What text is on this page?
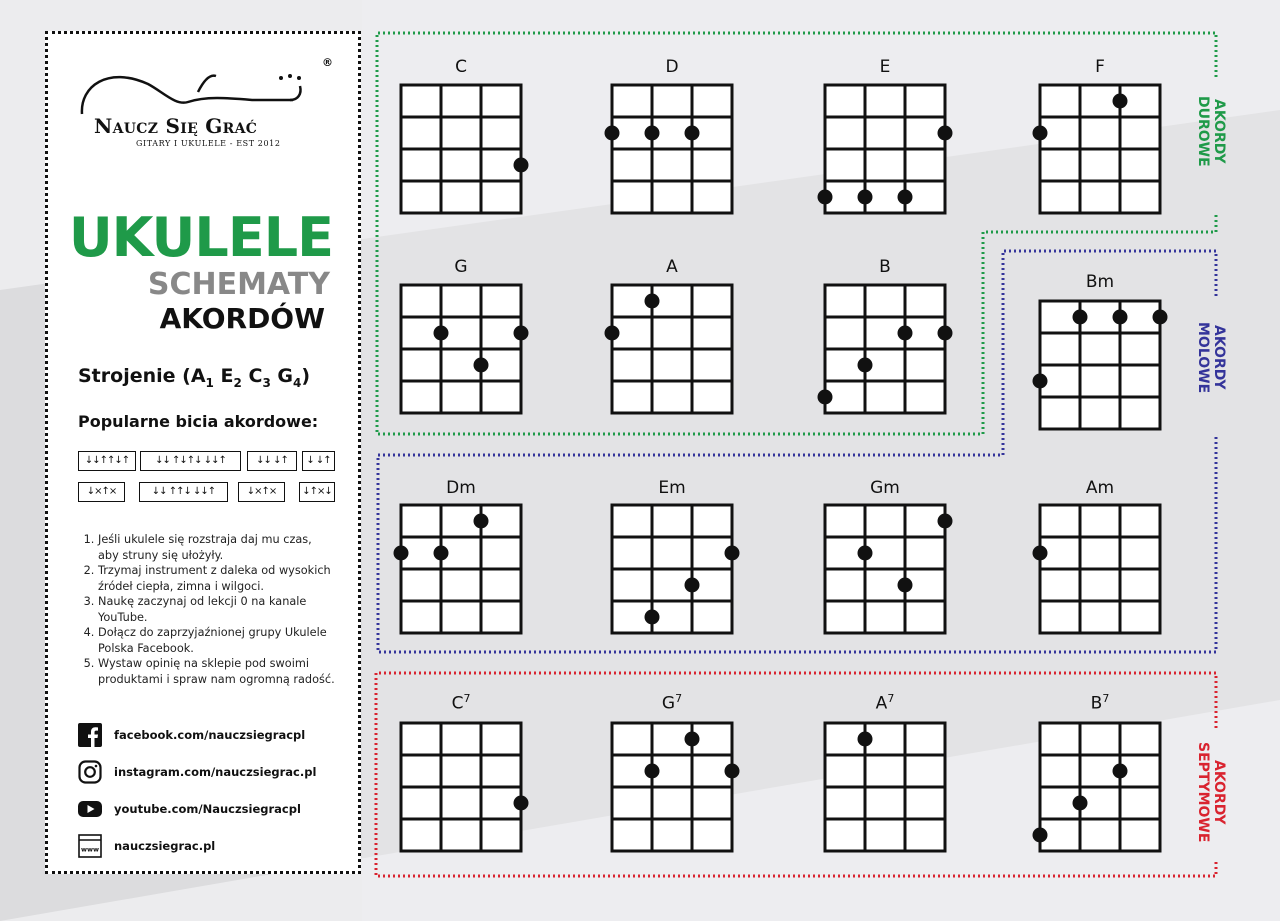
®
Naucz Się Grać
GITARY I UKULELE - EST 2012
UKULELE
SCHEMATY
AKORDÓW
Strojenie ($A_1$ $E_2$ $C_3$ $G_4$)
Popularne bicia akordowe:
↓↓↑↑↓↑	↓↓ ↑↓↑↓ ↓↓↑	↓↓ ↓↑	↓ ↓↑
↓×↑×	↓↓ ↑↑↓ ↓↓↑	↓×↑×	↓↑×↓
1. Jeśli ukulele się rozstraja daj mu czas, aby struny się ułożyły.
2. Trzymaj instrument z daleka od wysokich źródeł ciepła, zimna i wilgoci.
3. Naukę zaczynaj od lekcji 0 na kanale YouTube.
4. Dołącz do zaprzyjaźnionej grupy Ukulele Polska Facebook.
5. Wystaw opinię na sklepie pod swoimi produktami i spraw nam ogromną radość.
facebook.com/nauczsiegracpl
instagram.com/nauczsiegrac.pl
youtube.com/Nauczsiegracpl
www nauczsiegrac.pl
AKORDY
DUROWE
AKORDY
MOLOWE
AKORDY
SEPTYMOWE
C	D	E	F
G	A	B
Bm
Dm	Em	Gm	Am
$C^7$	$G^7$	$A^7$	$B^7$
